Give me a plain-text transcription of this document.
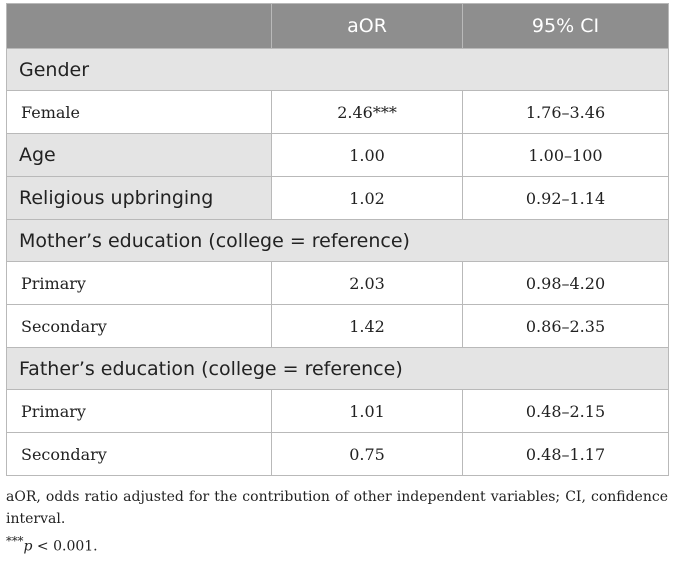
	aOR	95% CI
Gender		
Female	2.46***	1.76–3.46
Age	1.00	1.00–100
Religious upbringing	1.02	0.92–1.14
Mother’s education (college = reference)		
Primary	2.03	0.98–4.20
Secondary	1.42	0.86–2.35
Father’s education (college = reference)		
Primary	1.01	0.48–2.15
Secondary	0.75	0.48–1.17

aOR, odds ratio adjusted for the contribution of other independent variables; CI, confidence interval.

***p < 0.001.
